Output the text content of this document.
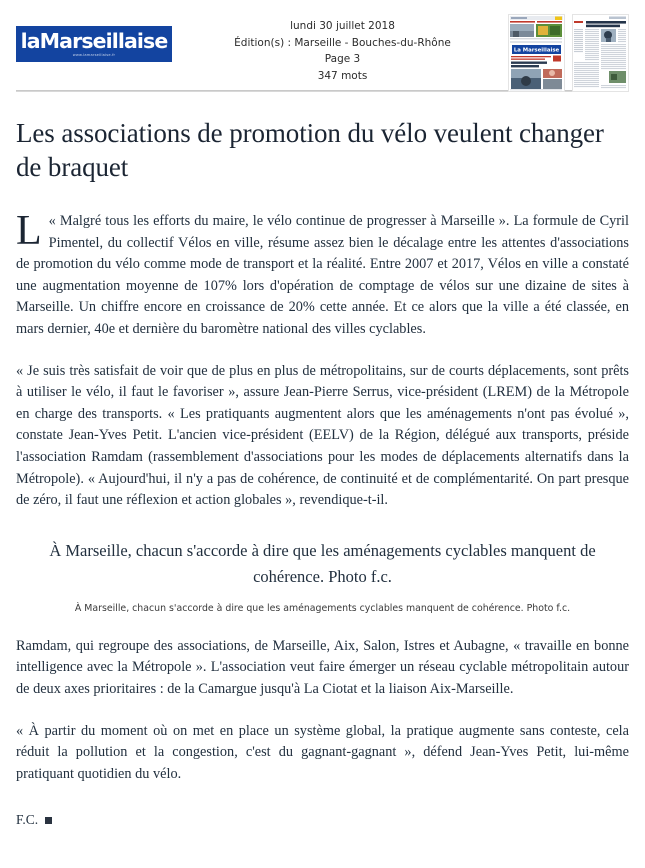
laMarseillaise
www.lamarseillaise.fr
lundi 30 juillet 2018
Édition(s) : Marseille - Bouches-du-Rhône
Page 3
347 mots
La Marseillaise
Les associations de promotion du vélo veulent changer de braquet

L« Malgré tous les efforts du maire, le vélo continue de progresser à Marseille ». La formule de Cyril Pimentel, du collectif Vélos en ville, résume assez bien le décalage entre les attentes d'associations de promotion du vélo comme mode de transport et la réalité. Entre 2007 et 2017, Vélos en ville a constaté une augmentation moyenne de 107% lors d'opération de comptage de vélos sur une dizaine de sites à Marseille. Un chiffre encore en croissance de 20% cette année. Et ce alors que la ville a été classée, en mars dernier, 40e et dernière du baromètre national des villes cyclables.

« Je suis très satisfait de voir que de plus en plus de métropolitains, sur de courts déplacements, sont prêts à utiliser le vélo, il faut le favoriser », assure Jean-Pierre Serrus, vice-président (LREM) de la Métropole en charge des transports. « Les pratiquants augmentent alors que les aménagements n'ont pas évolué », constate Jean-Yves Petit. L'ancien vice-président (EELV) de la Région, délégué aux transports, préside l'association Ramdam (rassemblement d'associations pour les modes de déplacements alternatifs dans la Métropole). « Aujourd'hui, il n'y a pas de cohérence, de continuité et de complémentarité. On part presque de zéro, il faut une réflexion et action globales », revendique-t-il.

À Marseille, chacun s'accorde à dire que les aménagements cyclables manquent de cohérence. Photo f.c.

À Marseille, chacun s'accorde à dire que les aménagements cyclables manquent de cohérence. Photo f.c.

Ramdam, qui regroupe des associations, de Marseille, Aix, Salon, Istres et Aubagne, « travaille en bonne intelligence avec la Métropole ». L'association veut faire émerger un réseau cyclable métropolitain autour de deux axes prioritaires : de la Camargue jusqu'à La Ciotat et la liaison Aix-Marseille.

« À partir du moment où on met en place un système global, la pratique augmente sans conteste, cela réduit la pollution et la congestion, c'est du gagnant-gagnant », défend Jean-Yves Petit, lui-même pratiquant quotidien du vélo.

F.C.
